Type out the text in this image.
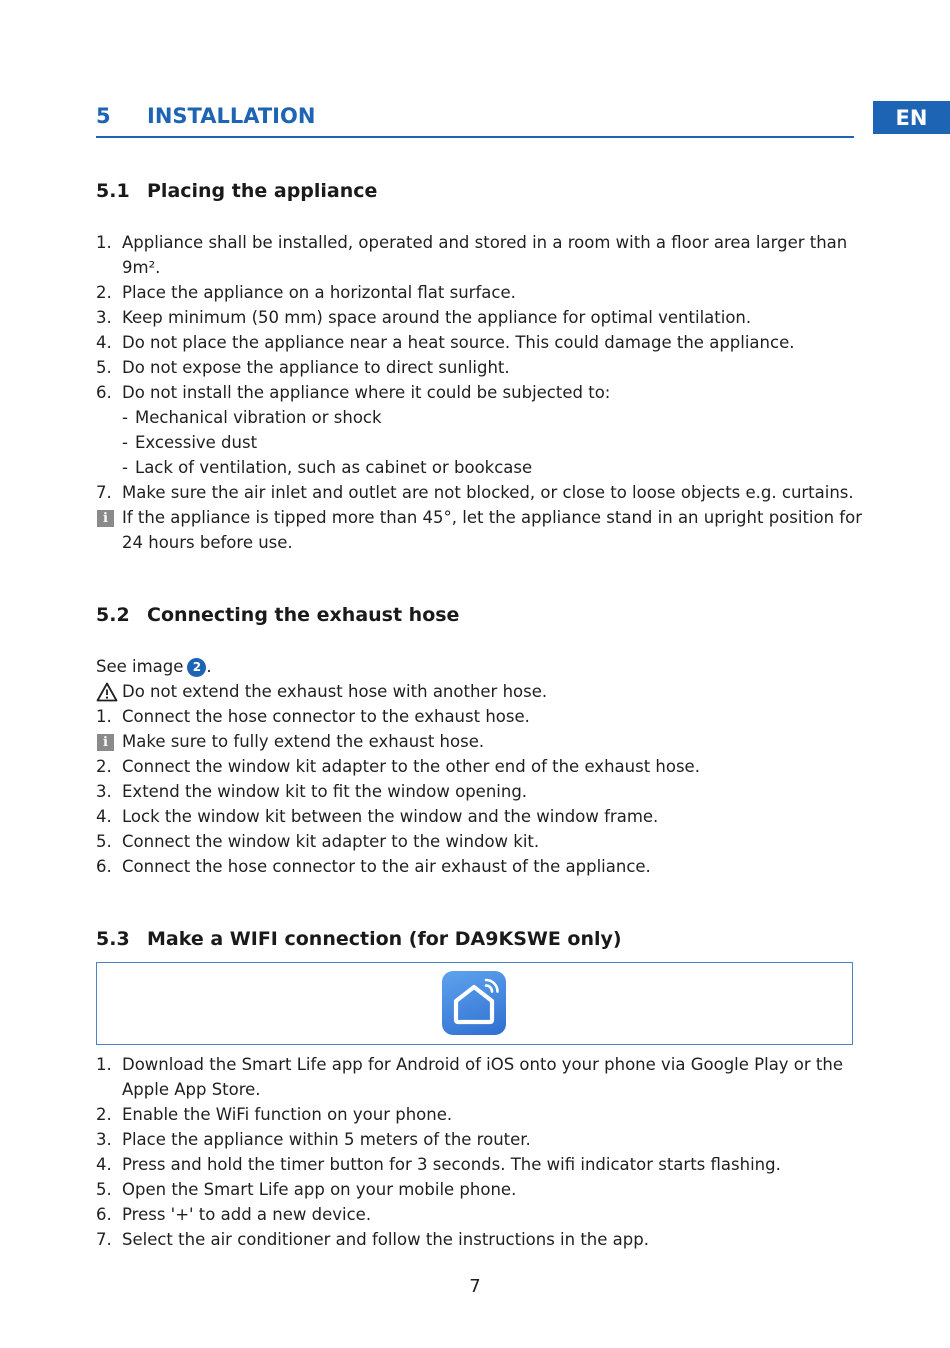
EN
5 INSTALLATION
5.1 Placing the appliance
1. Appliance shall be installed, operated and stored in a room with a floor area larger than
9m².
2. Place the appliance on a horizontal flat surface.
3. Keep minimum (50 mm) space around the appliance for optimal ventilation.
4. Do not place the appliance near a heat source. This could damage the appliance.
5. Do not expose the appliance to direct sunlight.
6. Do not install the appliance where it could be subjected to:
- Mechanical vibration or shock
- Excessive dust
- Lack of ventilation, such as cabinet or bookcase
7. Make sure the air inlet and outlet are not blocked, or close to loose objects e.g. curtains.
i If the appliance is tipped more than 45°, let the appliance stand in an upright position for
24 hours before use.
5.2 Connecting the exhaust hose
See image 2 .
Do not extend the exhaust hose with another hose.
1. Connect the hose connector to the exhaust hose.
i Make sure to fully extend the exhaust hose.
2. Connect the window kit adapter to the other end of the exhaust hose.
3. Extend the window kit to fit the window opening.
4. Lock the window kit between the window and the window frame.
5. Connect the window kit adapter to the window kit.
6. Connect the hose connector to the air exhaust of the appliance.
5.3 Make a WIFI connection (for DA9KSWE only)
1. Download the Smart Life app for Android of iOS onto your phone via Google Play or the
Apple App Store.
2. Enable the WiFi function on your phone.
3. Place the appliance within 5 meters of the router.
4. Press and hold the timer button for 3 seconds. The wifi indicator starts flashing.
5. Open the Smart Life app on your mobile phone.
6. Press '+' to add a new device.
7. Select the air conditioner and follow the instructions in the app.
7
